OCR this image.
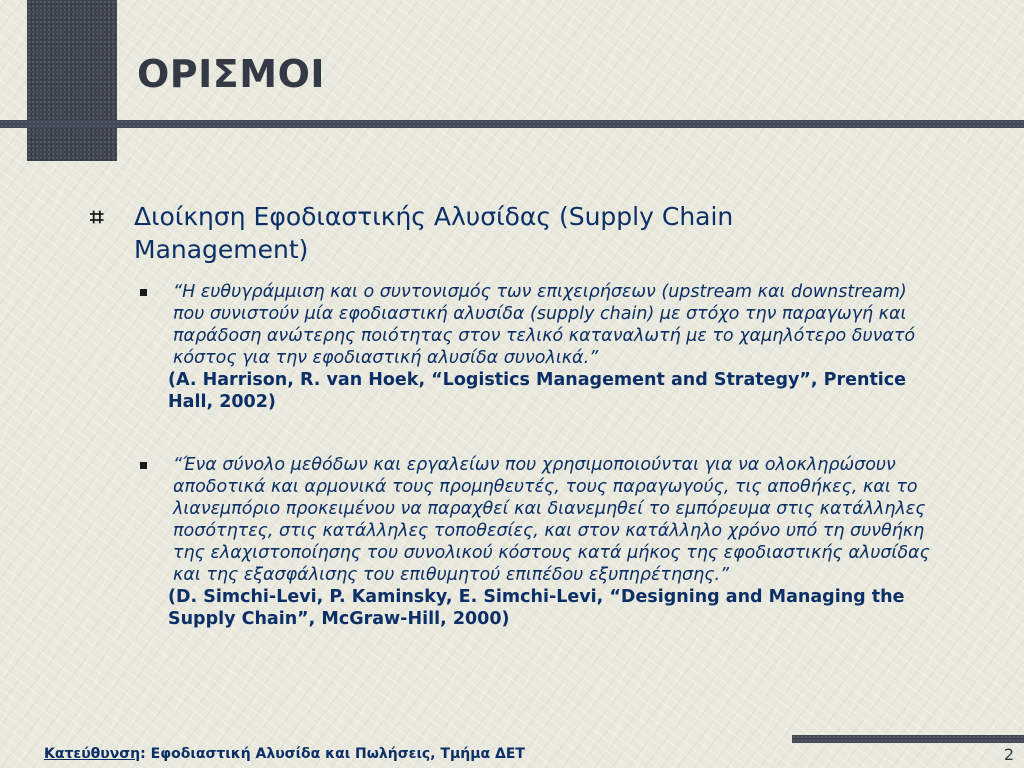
ΟΡΙΣΜΟΙ
⌗	Διοίκηση Εφοδιαστικής Αλυσίδας (Supply Chain Management)

“Η ευθυγράμμιση και ο συντονισμός των επιχειρήσεων (upstream και downstream) που συνιστούν μία εφοδιαστική αλυσίδα (supply chain) με στόχο την παραγωγή και παράδοση ανώτερης ποιότητας στον τελικό καταναλωτή με το χαμηλότερο δυνατό κόστος για την εφοδιαστική αλυσίδα συνολικά.”

(A. Harrison, R. van Hoek, “Logistics Management and Strategy”, Prentice Hall, 2002)

“Ένα σύνολο μεθόδων και εργαλείων που χρησιμοποιούνται για να ολοκληρώσουν αποδοτικά και αρμονικά τους προμηθευτές, τους παραγωγούς, τις αποθήκες, και το λιανεμπόριο προκειμένου να παραχθεί και διανεμηθεί το εμπόρευμα στις κατάλληλες ποσότητες, στις κατάλληλες τοποθεσίες, και στον κατάλληλο χρόνο υπό τη συνθήκη της ελαχιστοποίησης του συνολικού κόστους κατά μήκος της εφοδιαστικής αλυσίδας και της εξασφάλισης του επιθυμητού επιπέδου εξυπηρέτησης.”

(D. Simchi-Levi, P. Kaminsky, E. Simchi-Levi, “Designing and Managing the Supply Chain”, McGraw-Hill, 2000)

Κατεύθυνση: Εφοδιαστική Αλυσίδα και Πωλήσεις, Τμήμα ΔΕΤ	2
